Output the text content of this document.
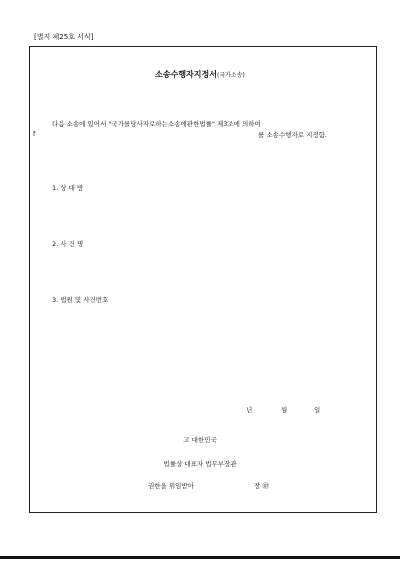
[별지 제25호 서식]
소송수행자지정서(국가소송)
다음 소송에 있어서 "국가를당사자로하는소송에관한법률" 제3조에 의하여
f	를 소송수행자로 지정함.
1. 상 대 방
2. 사 건 명
3. 법원 및 사건번호
년	월	일
고 대한민국
법률상 대표자 법무부장관
권한을 위임받아	장 ㊞
